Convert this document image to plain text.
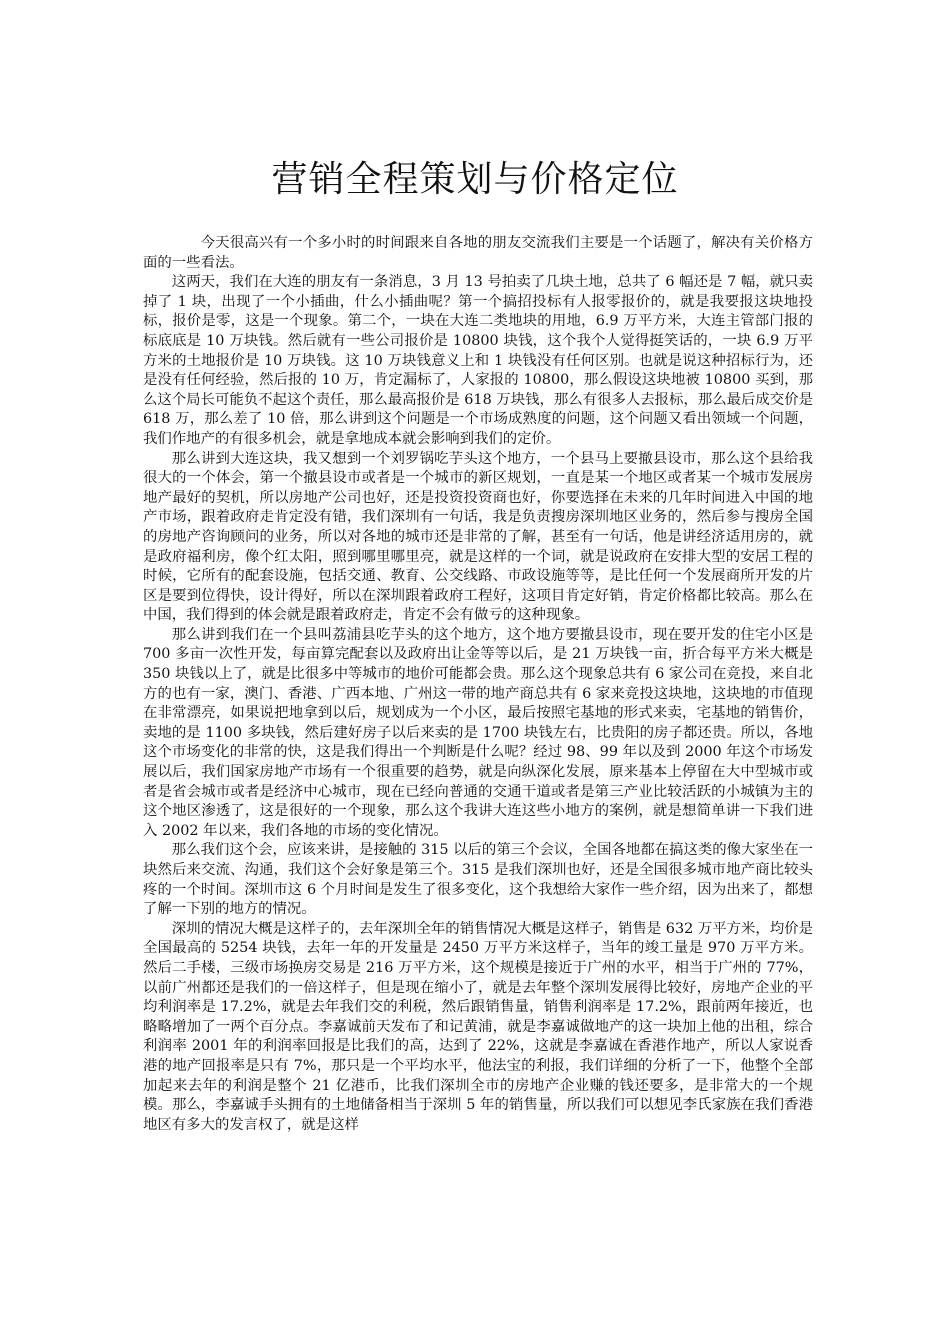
营销全程策划与价格定位

今天很高兴有一个多小时的时间跟来自各地的朋友交流我们主要是一个话题了，解决有关价格方面的一些看法。

这两天，我们在大连的朋友有一条消息，3 月 13 号拍卖了几块土地，总共了 6 幅还是 7 幅，就只卖掉了 1 块，出现了一个小插曲，什么小插曲呢？第一个搞招投标有人报零报价的，就是我要报这块地投标，报价是零，这是一个现象。第二个，一块在大连二类地块的用地，6.9 万平方米，大连主管部门报的标底底是 10 万块钱。然后就有一些公司报价是 10800 块钱，这个我个人觉得挺笑话的，一块 6.9 万平方米的土地报价是 10 万块钱。这 10 万块钱意义上和 1 块钱没有任何区别。也就是说这种招标行为，还是没有任何经验，然后报的 10 万，肯定漏标了，人家报的 10800，那么假设这块地被 10800 买到，那么这个局长可能负不起这个责任，那么最高报价是 618 万块钱，那么有很多人去报标，那么最后成交价是 618 万，那么差了 10 倍，那么讲到这个问题是一个市场成熟度的问题，这个问题又看出领域一个问题，我们作地产的有很多机会，就是拿地成本就会影响到我们的定价。

那么讲到大连这块，我又想到一个刘罗锅吃芋头这个地方，一个县马上要撤县设市，那么这个县给我很大的一个体会，第一个撤县设市或者是一个城市的新区规划，一直是某一个地区或者某一个城市发展房地产最好的契机，所以房地产公司也好，还是投资投资商也好，你要选择在未来的几年时间进入中国的地产市场，跟着政府走肯定没有错，我们深圳有一句话，我是负责搜房深圳地区业务的，然后参与搜房全国的房地产咨询顾问的业务，所以对各地的城市还是非常的了解，甚至有一句话，他是讲经济适用房的，就是政府福利房，像个红太阳，照到哪里哪里亮，就是这样的一个词，就是说政府在安排大型的安居工程的时候，它所有的配套设施，包括交通、教育、公交线路、市政设施等等，是比任何一个发展商所开发的片区是要到位得快，设计得好，所以在深圳跟着政府工程好，这项目肯定好销，肯定价格都比较高。那么在中国，我们得到的体会就是跟着政府走，肯定不会有做亏的这种现象。

那么讲到我们在一个县叫荔浦县吃芋头的这个地方，这个地方要撤县设市，现在要开发的住宅小区是 700 多亩一次性开发，每亩算完配套以及政府出让金等等以后，是 21 万块钱一亩，折合每平方米大概是 350 块钱以上了，就是比很多中等城市的地价可能都会贵。那么这个现象总共有 6 家公司在竞投，来自北方的也有一家，澳门、香港、广西本地、广州这一带的地产商总共有 6 家来竞投这块地，这块地的市值现在非常漂亮，如果说把地拿到以后，规划成为一个小区，最后按照宅基地的形式来卖，宅基地的销售价，卖地的是 1100 多块钱，然后建好房子以后来卖的是 1700 块钱左右，比贵阳的房子都还贵。所以，各地这个市场变化的非常的快，这是我们得出一个判断是什么呢？经过 98、99 年以及到 2000 年这个市场发展以后，我们国家房地产市场有一个很重要的趋势，就是向纵深化发展，原来基本上停留在大中型城市或者是省会城市或者是经济中心城市，现在已经向普通的交通干道或者是第三产业比较活跃的小城镇为主的这个地区渗透了，这是很好的一个现象，那么这个我讲大连这些小地方的案例，就是想简单讲一下我们进入 2002 年以来，我们各地的市场的变化情况。

那么我们这个会，应该来讲，是接触的 315 以后的第三个会议，全国各地都在搞这类的像大家坐在一块然后来交流、沟通，我们这个会好象是第三个。315 是我们深圳也好，还是全国很多城市地产商比较头疼的一个时间。深圳市这 6 个月时间是发生了很多变化，这个我想给大家作一些介绍，因为出来了，都想了解一下别的地方的情况。

深圳的情况大概是这样子的，去年深圳全年的销售情况大概是这样子，销售是 632 万平方米，均价是全国最高的 5254 块钱，去年一年的开发量是 2450 万平方米这样子，当年的竣工量是 970 万平方米。然后二手楼，三级市场换房交易是 216 万平方米，这个规模是接近于广州的水平，相当于广州的 77%，以前广州都还是我们的一倍这样子，但是现在缩小了，就是去年整个深圳发展得比较好，房地产企业的平均利润率是 17.2%，就是去年我们交的利税，然后跟销售量，销售利润率是 17.2%，跟前两年接近，也略略增加了一两个百分点。李嘉诚前天发布了和记黄浦，就是李嘉诚做地产的这一块加上他的出租，综合利润率 2001 年的利润率回报是比我们的高，达到了 22%，这就是李嘉诚在香港作地产，所以人家说香港的地产回报率是只有 7%，那只是一个平均水平，他法宝的利报，我们详细的分析了一下，他整个全部加起来去年的利润是整个 21 亿港币，比我们深圳全市的房地产企业赚的钱还要多，是非常大的一个规模。那么，李嘉诚手头拥有的土地储备相当于深圳 5 年的销售量，所以我们可以想见李氏家族在我们香港地区有多大的发言权了，就是这样
